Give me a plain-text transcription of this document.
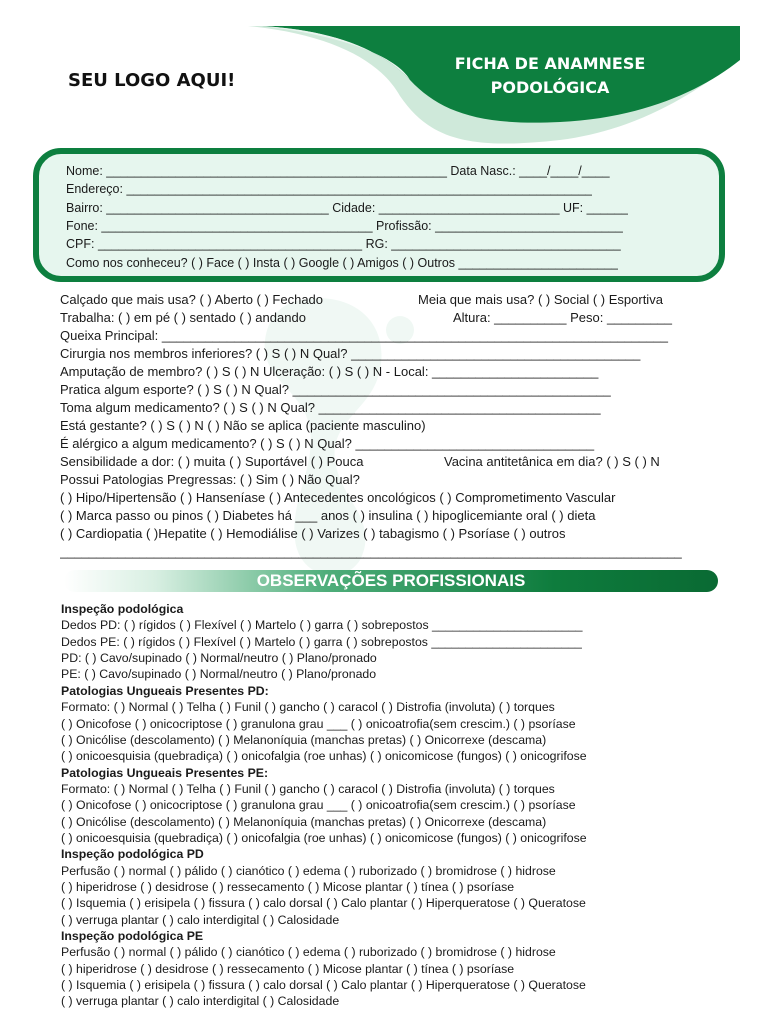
SEU LOGO AQUI!
FICHA DE ANAMNESE
PODOLÓGICA
Nome: _________________________________________________ Data Nasc.: ____/____/____
Endereço: ___________________________________________________________________
Bairro: ________________________________ Cidade: __________________________ UF: ______
Fone: _______________________________________ Profissão: ___________________________
CPF: ______________________________________ RG: _________________________________
Como nos conheceu? ( ) Face ( ) Insta ( ) Google ( ) Amigos ( ) Outros _______________________
Calçado que mais usa? ( ) Aberto ( ) Fechado	Meia que mais usa? ( ) Social ( ) Esportiva
Trabalha: ( ) em pé ( ) sentado ( ) andando	Altura: __________ Peso: _________
Queixa Principal: ______________________________________________________________________
Cirurgia nos membros inferiores? ( ) S ( ) N Qual? ________________________________________
Amputação de membro? ( ) S ( ) N Ulceração: ( ) S ( ) N - Local: _______________________
Pratica algum esporte? ( ) S ( ) N Qual? ____________________________________________
Toma algum medicamento? ( ) S ( ) N Qual? _______________________________________
Está gestante? ( ) S ( ) N ( ) Não se aplica (paciente masculino)
É alérgico a algum medicamento? ( ) S ( ) N Qual? _________________________________
Sensibilidade a dor: ( ) muita ( ) Suportável ( ) Pouca	Vacina antitetânica em dia? ( ) S ( ) N
Possui Patologias Pregressas: ( ) Sim ( ) Não Qual?
( ) Hipo/Hipertensão ( ) Hanseníase ( ) Antecedentes oncológicos ( ) Comprometimento Vascular
( ) Marca passo ou pinos ( ) Diabetes há ___ anos ( ) insulina ( ) hipoglicemiante oral ( ) dieta
( ) Cardiopatia ( )Hepatite ( ) Hemodiálise ( ) Varizes ( ) tabagismo ( ) Psoríase ( ) outros
______________________________________________________________________________________
OBSERVAÇÕES PROFISSIONAIS
Inspeção podológica
Dedos PD: ( ) rígidos ( ) Flexível ( ) Martelo ( ) garra ( ) sobrepostos ______________________
Dedos PE: ( ) rígidos ( ) Flexível ( ) Martelo ( ) garra ( ) sobrepostos ______________________
PD: ( ) Cavo/supinado ( ) Normal/neutro ( ) Plano/pronado
PE: ( ) Cavo/supinado ( ) Normal/neutro ( ) Plano/pronado
Patologias Ungueais Presentes PD:
Formato: ( ) Normal ( ) Telha ( ) Funil ( ) gancho ( ) caracol ( ) Distrofia (involuta) ( ) torques
( ) Onicofose ( ) onicocriptose ( ) granulona grau ___ ( ) onicoatrofia(sem crescim.) ( ) psoríase
( ) Onicólise (descolamento) ( ) Melanoníquia (manchas pretas) ( ) Onicorrexe (descama)
( ) onicoesquisia (quebradiça) ( ) onicofalgia (roe unhas) ( ) onicomicose (fungos) ( ) onicogrifose
Patologias Ungueais Presentes PE:
Formato: ( ) Normal ( ) Telha ( ) Funil ( ) gancho ( ) caracol ( ) Distrofia (involuta) ( ) torques
( ) Onicofose ( ) onicocriptose ( ) granulona grau ___ ( ) onicoatrofia(sem crescim.) ( ) psoríase
( ) Onicólise (descolamento) ( ) Melanoníquia (manchas pretas) ( ) Onicorrexe (descama)
( ) onicoesquisia (quebradiça) ( ) onicofalgia (roe unhas) ( ) onicomicose (fungos) ( ) onicogrifose
Inspeção podológica PD
Perfusão ( ) normal ( ) pálido ( ) cianótico ( ) edema ( ) ruborizado ( ) bromidrose ( ) hidrose
( ) hiperidrose ( ) desidrose ( ) ressecamento ( ) Micose plantar ( ) tínea ( ) psoríase
( ) Isquemia ( ) erisipela ( ) fissura ( ) calo dorsal ( ) Calo plantar ( ) Hiperqueratose ( ) Queratose
( ) verruga plantar ( ) calo interdigital ( ) Calosidade
Inspeção podológica PE
Perfusão ( ) normal ( ) pálido ( ) cianótico ( ) edema ( ) ruborizado ( ) bromidrose ( ) hidrose
( ) hiperidrose ( ) desidrose ( ) ressecamento ( ) Micose plantar ( ) tínea ( ) psoríase
( ) Isquemia ( ) erisipela ( ) fissura ( ) calo dorsal ( ) Calo plantar ( ) Hiperqueratose ( ) Queratose
( ) verruga plantar ( ) calo interdigital ( ) Calosidade
